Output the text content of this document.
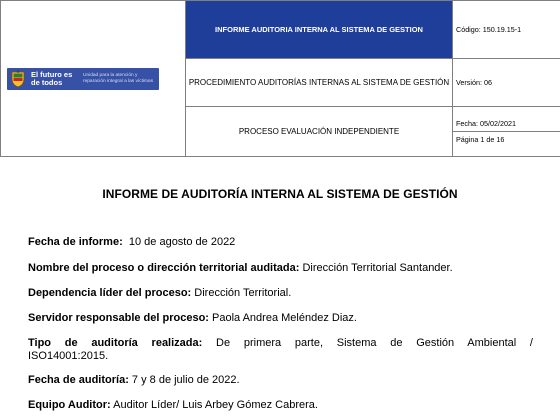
El futuro es de todos
Unidad para la atención y reparación integral a las víctimas	INFORME AUDITORIA INTERNA AL SISTEMA DE GESTION	Código: 150.19.15-1
	PROCEDIMIENTO AUDITORÍAS INTERNAS AL SISTEMA DE GESTIÓN	Versión: 06
	PROCESO EVALUACIÓN INDEPENDIENTE	Fecha: 05/02/2021
Página 1 de 16
INFORME DE AUDITORÍA INTERNA AL SISTEMA DE GESTIÓN
Fecha de informe: 10 de agosto de 2022
Nombre del proceso o dirección territorial auditada: Dirección Territorial Santander.
Dependencia líder del proceso: Dirección Territorial.
Servidor responsable del proceso: Paola Andrea Meléndez Diaz.
Tipo de auditoría realizada: De primera parte, Sistema de Gestión Ambiental /
ISO14001:2015.
Fecha de auditoría: 7 y 8 de julio de 2022.
Equipo Auditor: Auditor Líder/ Luis Arbey Gómez Cabrera.
